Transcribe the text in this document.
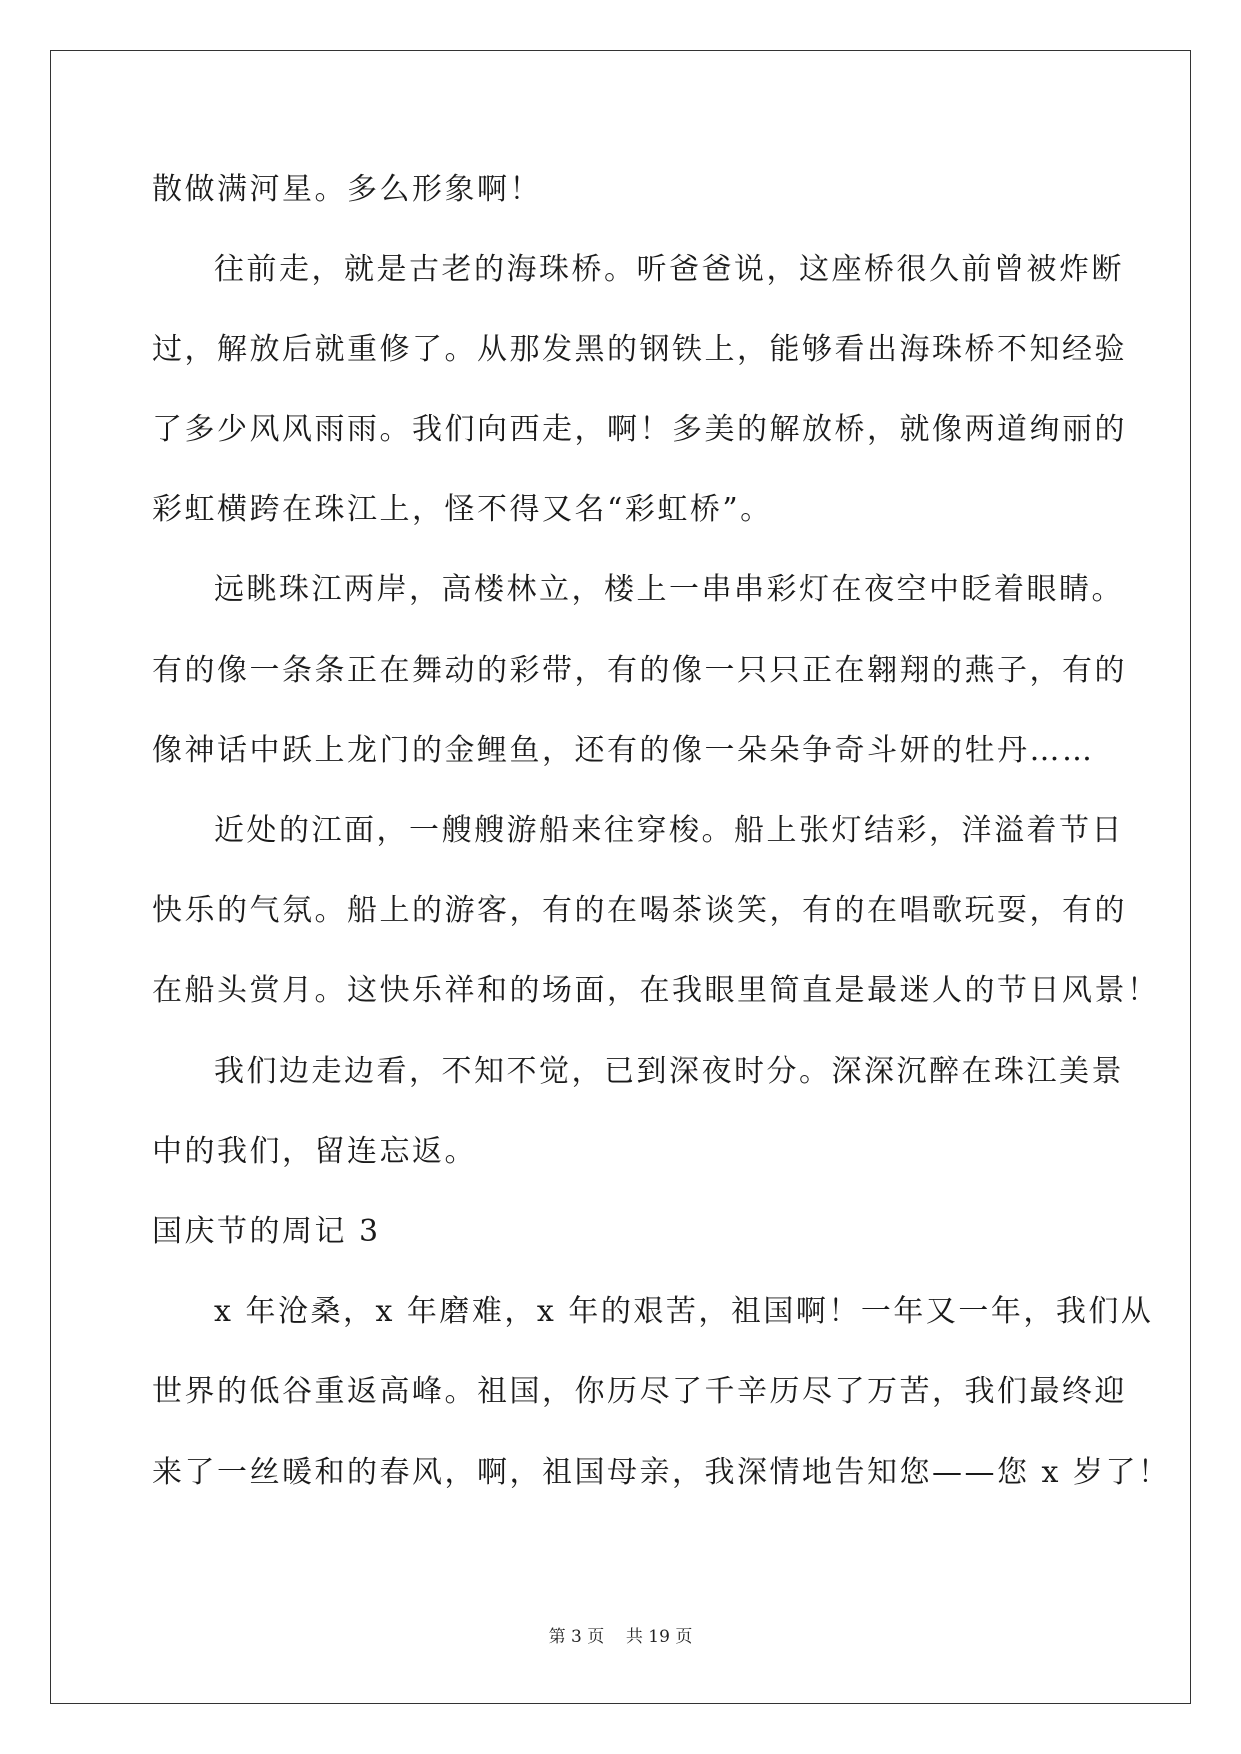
散做满河星。多么形象啊！
往前走，就是古老的海珠桥。听爸爸说，这座桥很久前曾被炸断
过，解放后就重修了。从那发黑的钢铁上，能够看出海珠桥不知经验
了多少风风雨雨。我们向西走，啊！多美的解放桥，就像两道绚丽的
彩虹横跨在珠江上，怪不得又名“彩虹桥”。
远眺珠江两岸，高楼林立，楼上一串串彩灯在夜空中眨着眼睛。
有的像一条条正在舞动的彩带，有的像一只只正在翱翔的燕子，有的
像神话中跃上龙门的金鲤鱼，还有的像一朵朵争奇斗妍的牡丹……
近处的江面，一艘艘游船来往穿梭。船上张灯结彩，洋溢着节日
快乐的气氛。船上的游客，有的在喝茶谈笑，有的在唱歌玩耍，有的
在船头赏月。这快乐祥和的场面，在我眼里简直是最迷人的节日风景！
我们边走边看，不知不觉，已到深夜时分。深深沉醉在珠江美景
中的我们，留连忘返。
国庆节的周记 3
x 年沧桑，x 年磨难，x 年的艰苦，祖国啊！一年又一年，我们从
世界的低谷重返高峰。祖国，你历尽了千辛历尽了万苦，我们最终迎
来了一丝暖和的春风，啊，祖国母亲，我深情地告知您——您 x 岁了！
第 3 页    共 19 页
